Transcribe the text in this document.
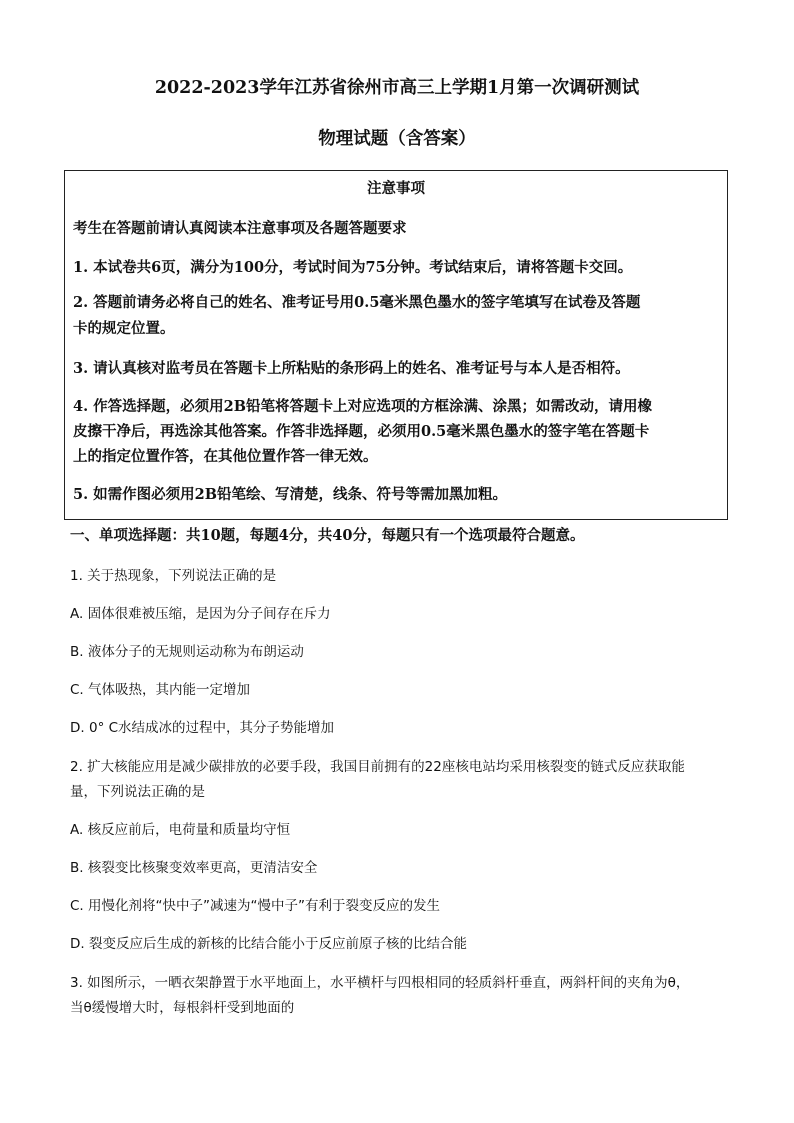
2022-2023学年江苏省徐州市高三上学期1月第一次调研测试
物理试题（含答案）
注意事项
考生在答题前请认真阅读本注意事项及各题答题要求
1. 本试卷共6页，满分为100分，考试时间为75分钟。考试结束后，请将答题卡交回。
2. 答题前请务必将自己的姓名、准考证号用0.5毫米黑色墨水的签字笔填写在试卷及答题
卡的规定位置。
3. 请认真核对监考员在答题卡上所粘贴的条形码上的姓名、准考证号与本人是否相符。
4. 作答选择题，必须用2B铅笔将答题卡上对应选项的方框涂满、涂黑；如需改动，请用橡
皮擦干净后，再选涂其他答案。作答非选择题，必须用0.5毫米黑色墨水的签字笔在答题卡
上的指定位置作答，在其他位置作答一律无效。
5. 如需作图必须用2B铅笔绘、写清楚，线条、符号等需加黑加粗。
一、单项选择题：共10题，每题4分，共40分，每题只有一个选项最符合题意。
1. 关于热现象，下列说法正确的是
A. 固体很难被压缩，是因为分子间存在斥力
B. 液体分子的无规则运动称为布朗运动
C. 气体吸热，其内能一定增加
D. 0° C水结成冰的过程中，其分子势能增加
2. 扩大核能应用是减少碳排放的必要手段，我国目前拥有的22座核电站均采用核裂变的链式反应获取能
量，下列说法正确的是
A. 核反应前后，电荷量和质量均守恒
B. 核裂变比核聚变效率更高，更清洁安全
C. 用慢化剂将“快中子”减速为“慢中子”有利于裂变反应的发生
D. 裂变反应后生成的新核的比结合能小于反应前原子核的比结合能
3. 如图所示，一晒衣架静置于水平地面上，水平横杆与四根相同的轻质斜杆垂直，两斜杆间的夹角为θ，
当θ缓慢增大时，每根斜杆受到地面的
